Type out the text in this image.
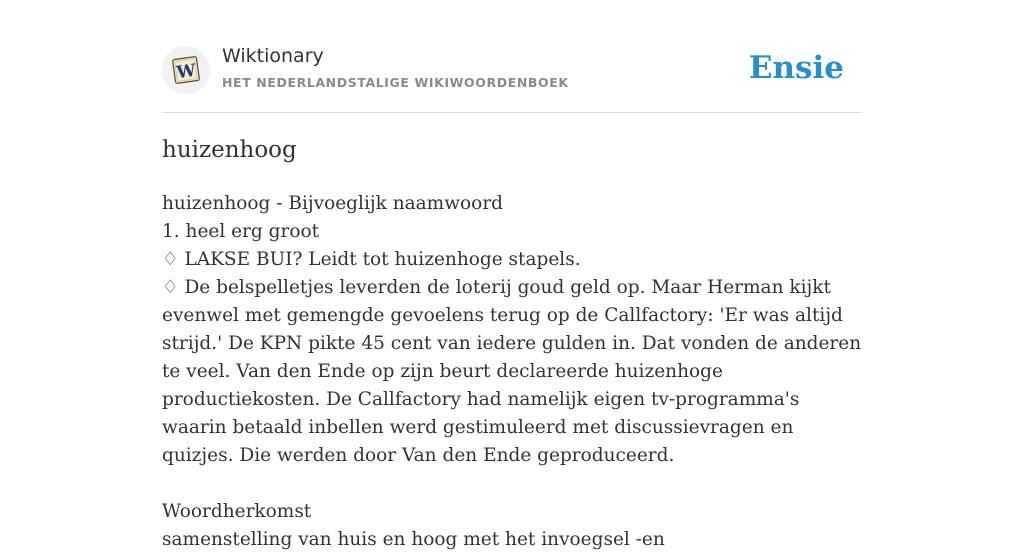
W
Wiktionary
HET NEDERLANDSTALIGE WIKIWOORDENBOEK	Ensie
huizenhoog
huizenhoog - Bijvoeglijk naamwoord
1. heel erg groot
♢ LAKSE BUI? Leidt tot huizenhoge stapels.
♢ De belspelletjes leverden de loterij goud geld op. Maar Herman kijkt evenwel met gemengde gevoelens terug op de Callfactory: 'Er was altijd strijd.' De KPN pikte 45 cent van iedere gulden in. Dat vonden de anderen te veel. Van den Ende op zijn beurt declareerde huizenhoge productiekosten. De Callfactory had namelijk eigen tv-programma's waarin betaald inbellen werd gestimuleerd met discussievragen en quizjes. Die werden door Van den Ende geproduceerd.
Woordherkomst
samenstelling van huis en hoog met het invoegsel -en
